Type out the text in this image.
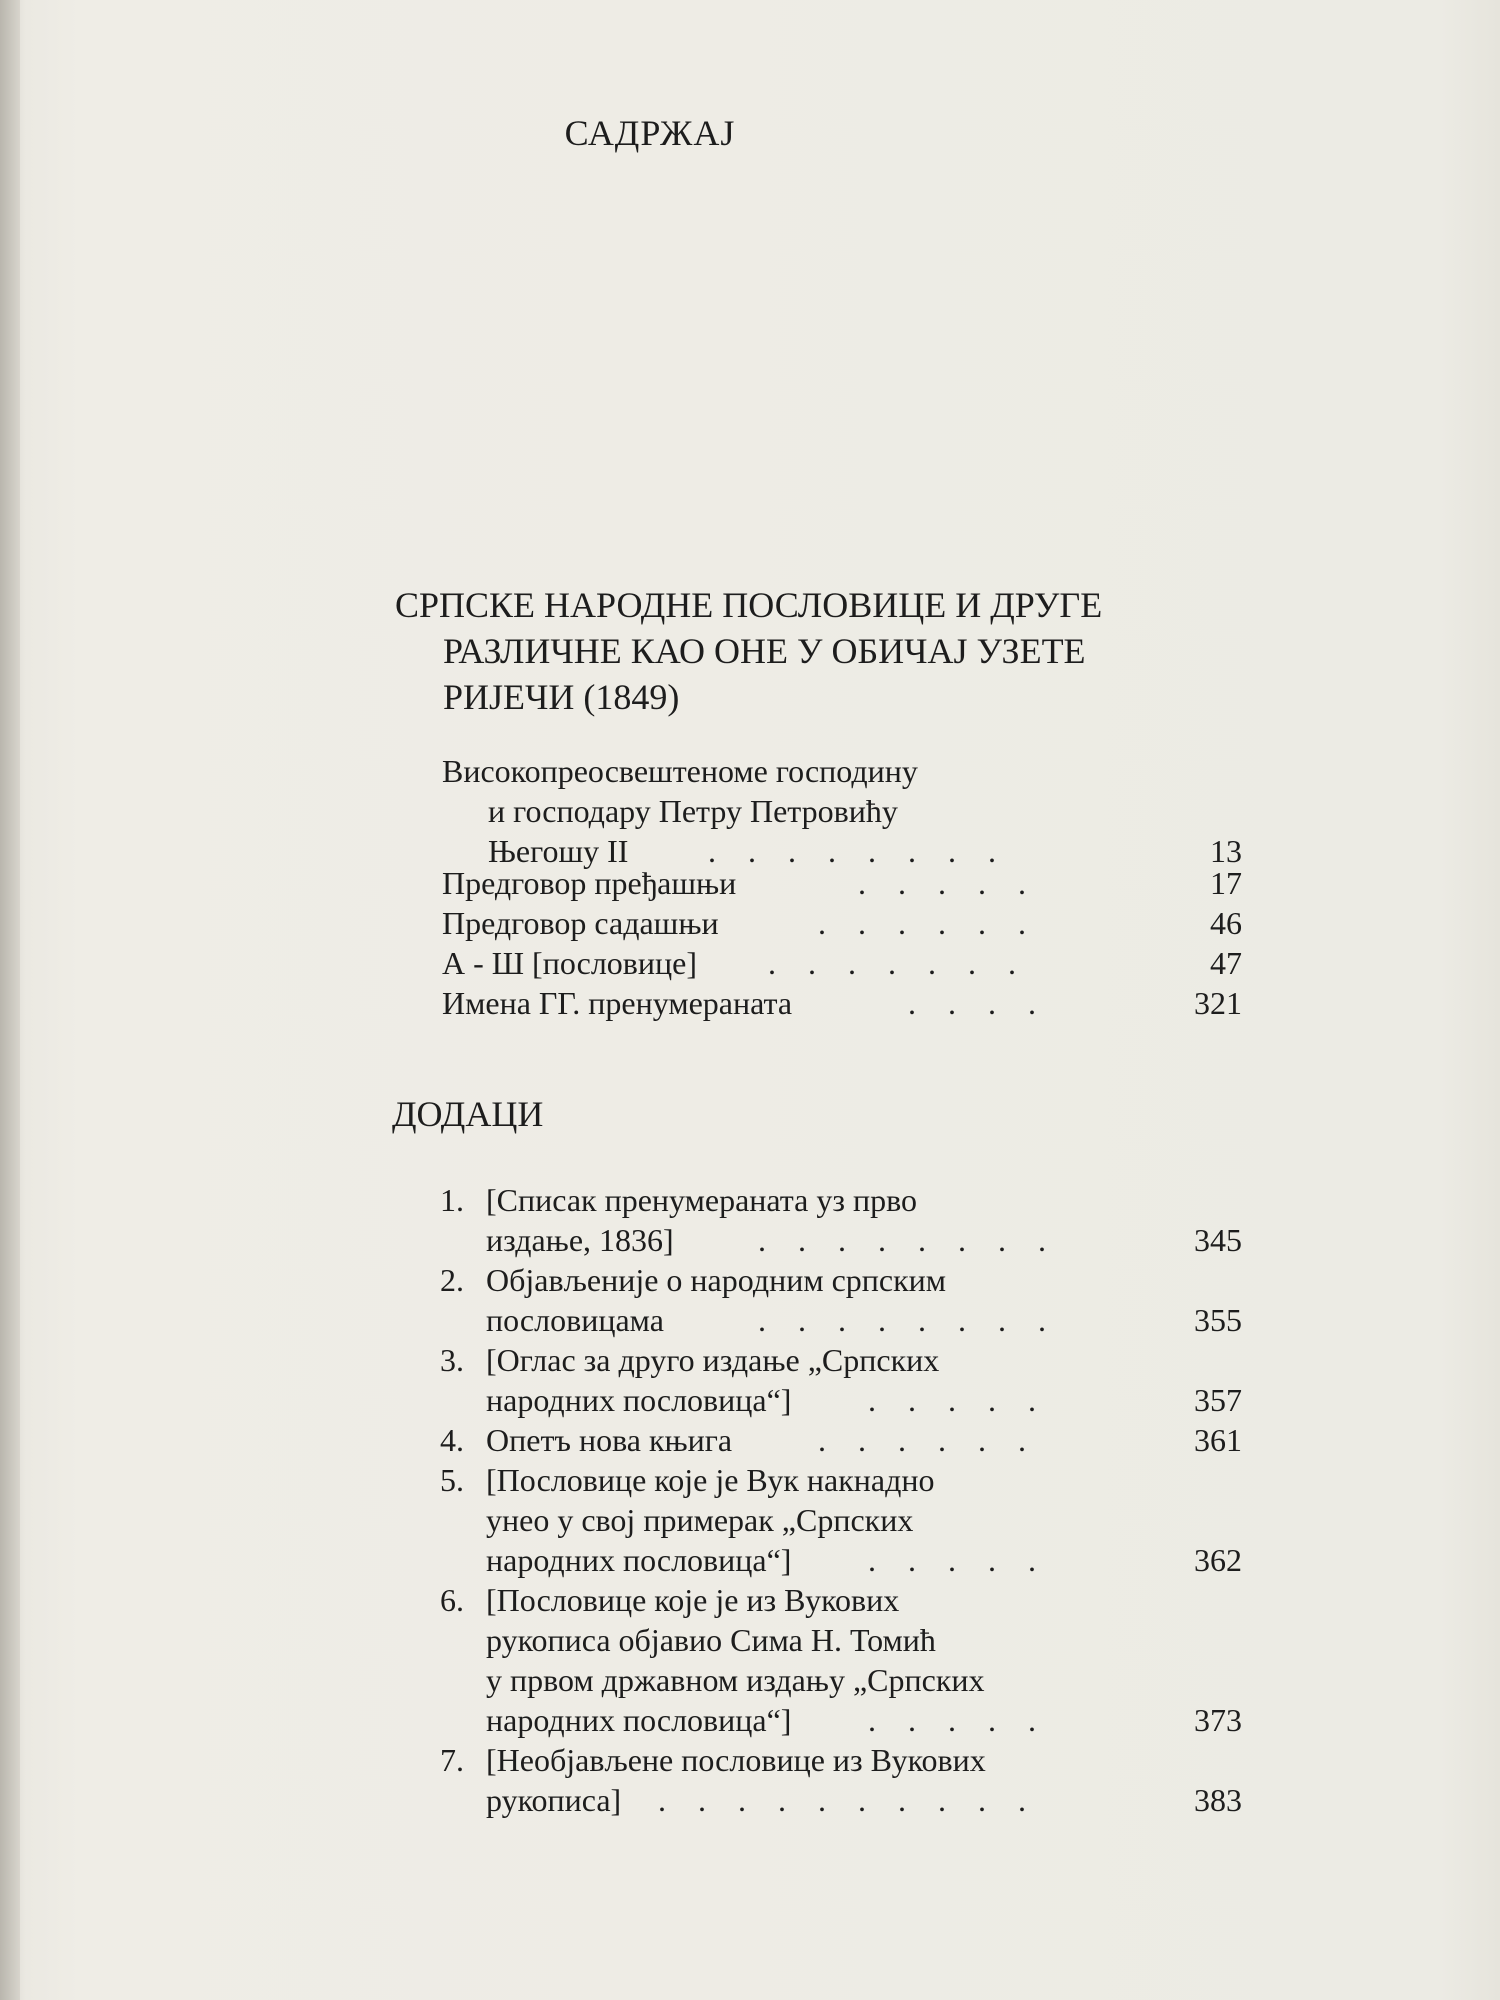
САДРЖАЈ
СРПСКЕ НАРОДНЕ ПОСЛОВИЦЕ И ДРУГЕ
РАЗЛИЧНЕ КАО ОНЕ У ОБИЧАЈ УЗЕТЕ
РИЈЕЧИ (1849)
Високопреосвештеноме господину
и господару Петру Петровићу
Његошу II . . . . . . . .	13
Предговор пређашњи	. . . . .	17
Предговор садашњи	. . . . . .	46
А - Ш [пословице] . . . . . . .	47
Имена ГГ. пренумераната	. . . .	321
ДОДАЦИ
1. [Списак пренумераната уз прво
издање, 1836]	. . . . . . . .	345
2. Објављеније о народним српским
пословицама	. . . . . . . .	355
3. [Оглас за друго издање „Српских
народних пословица“] . . . . .	357
4. Опетъ нова књига	. . . . . .	361
5. [Пословице које је Вук накнадно
унео у свој примерак „Српских
народних пословица“] . . . . .	362
6. [Пословице које је из Вукових
рукописа објавио Сима Н. Томић
у првом државном издању „Српских
народних пословица“] . . . . .	373
7. [Необјављене пословице из Вукових
рукописа] . . . . . . . . . .	383
